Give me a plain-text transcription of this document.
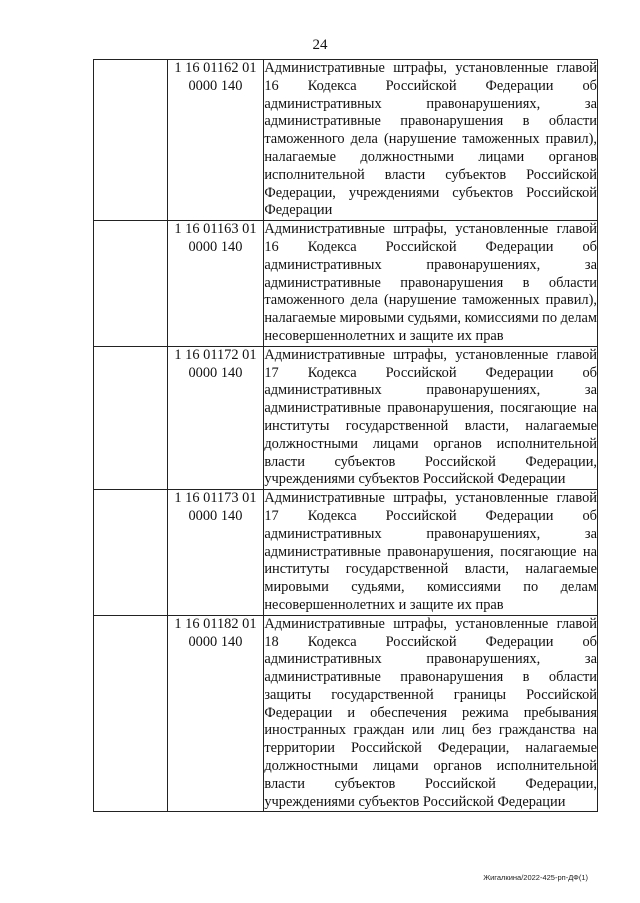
24
	1 16 01162 01 0000 140	Административные штрафы, установленные главой 16 Кодекса Российской Федерации об административных правонарушениях, за административные правонарушения в области таможенного дела (нарушение таможенных правил), налагаемые должностными лицами органов исполнительной власти субъектов Российской Федерации, учреждениями субъектов Российской Федерации
	1 16 01163 01 0000 140	Административные штрафы, установленные главой 16 Кодекса Российской Федерации об административных правонарушениях, за административные правонарушения в области таможенного дела (нарушение таможенных правил), налагаемые мировыми судьями, комиссиями по делам несовершеннолетних и защите их прав
	1 16 01172 01 0000 140	Административные штрафы, установленные главой 17 Кодекса Российской Федерации об административных правонарушениях, за административные правонарушения, посягающие на институты государственной власти, налагаемые должностными лицами органов исполнительной власти субъектов Российской Федерации, учреждениями субъектов Российской Федерации
	1 16 01173 01 0000 140	Административные штрафы, установленные главой 17 Кодекса Российской Федерации об административных правонарушениях, за административные правонарушения, посягающие на институты государственной власти, налагаемые мировыми судьями, комиссиями по делам несовершеннолетних и защите их прав
	1 16 01182 01 0000 140	Административные штрафы, установленные главой 18 Кодекса Российской Федерации об административных правонарушениях, за административные правонарушения в области защиты государственной границы Российской Федерации и обеспечения режима пребывания иностранных граждан или лиц без гражданства на территории Российской Федерации, налагаемые должностными лицами органов исполнительной власти субъектов Российской Федерации, учреждениями субъектов Российской Федерации
Жигалкина/2022-425-рп-ДФ(1)
